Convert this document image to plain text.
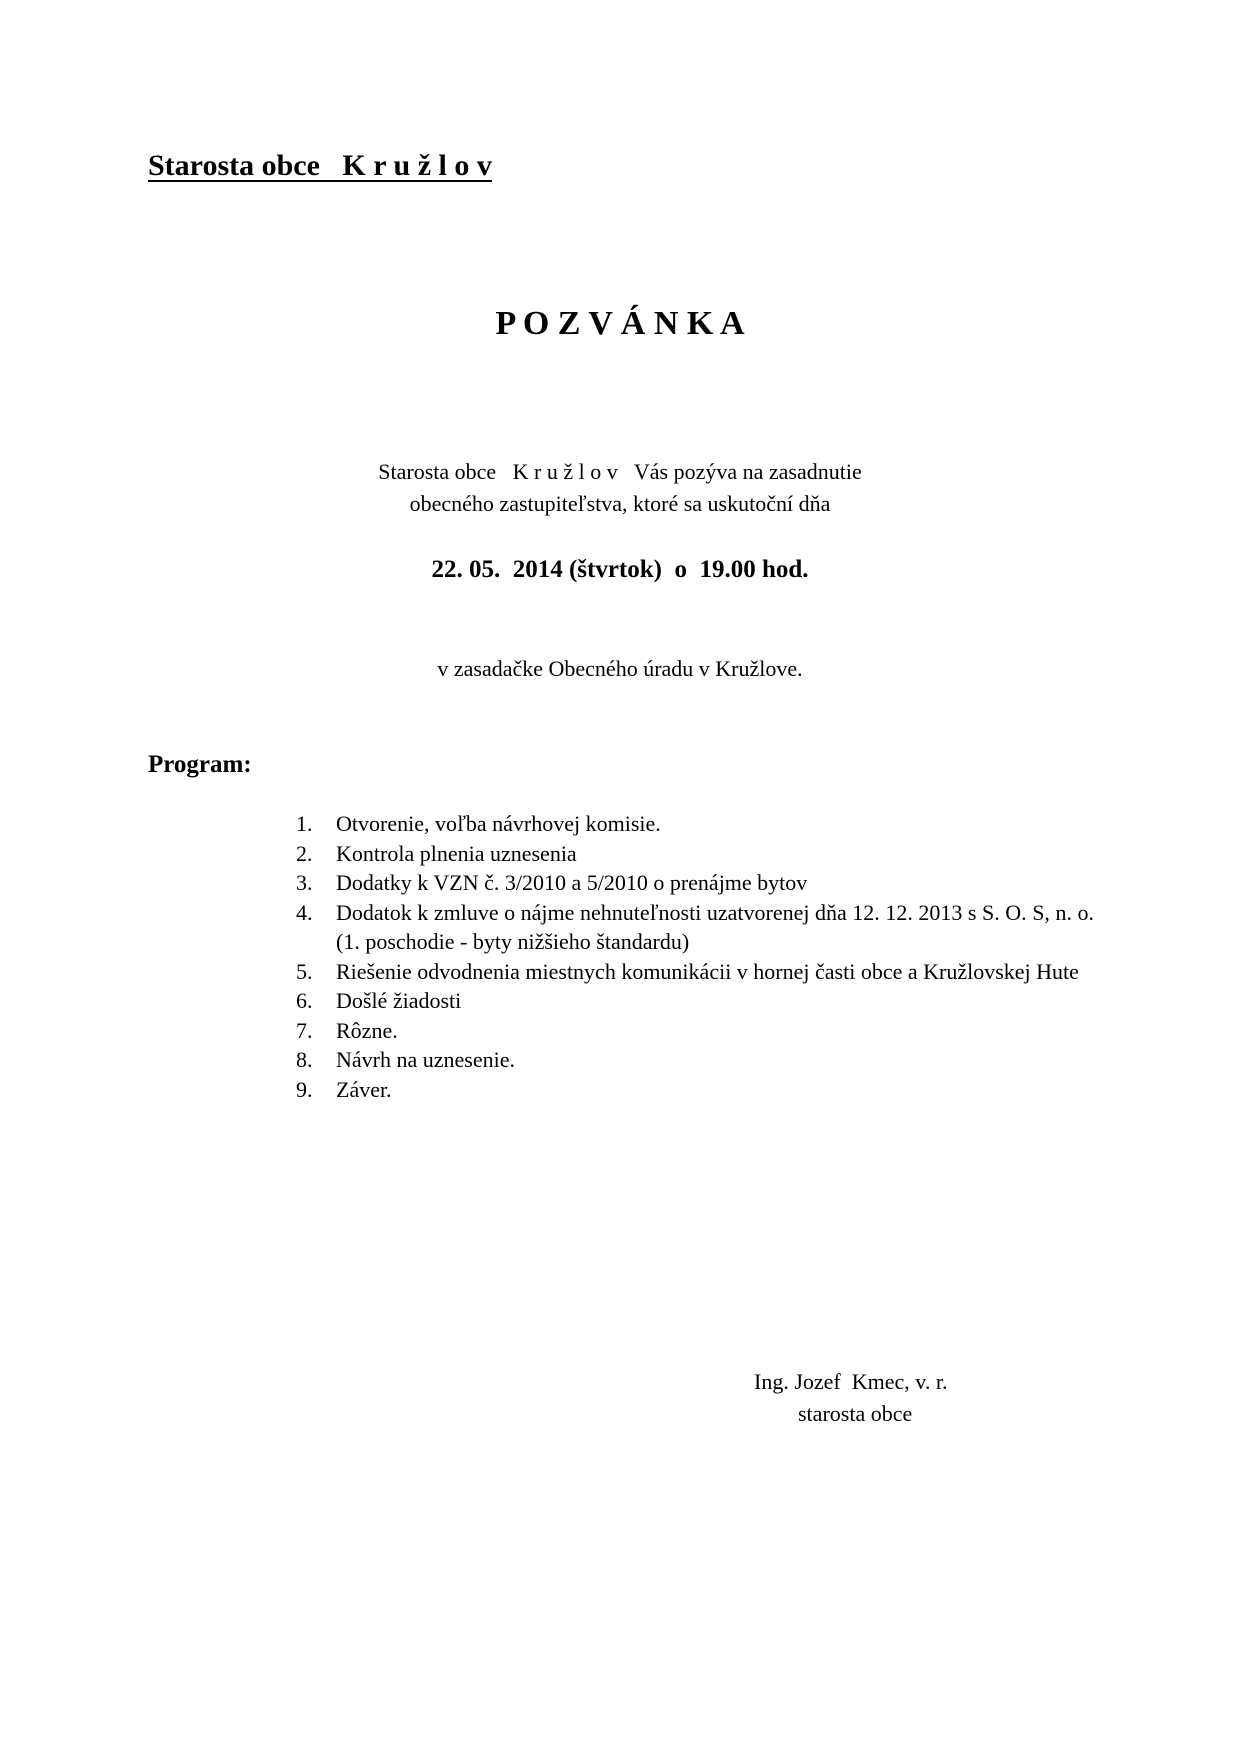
Starosta obce   K r u ž l o v
P O Z V Á N K A
Starosta obce   K r u ž l o v   Vás pozýva na zasadnutie
obecného zastupiteľstva, ktoré sa uskutoční dňa
22. 05.  2014 (štvrtok)  o  19.00 hod.
v zasadačke Obecného úradu v Kružlove.
Program:
1.	Otvorenie, voľba návrhovej komisie.
2.	Kontrola plnenia uznesenia
3.	Dodatky k VZN č. 3/2010 a 5/2010 o prenájme bytov
4.	Dodatok k zmluve o nájme nehnuteľnosti uzatvorenej dňa 12. 12. 2013 s S. O. S, n. o. (1. poschodie - byty nižšieho štandardu)
5.	Riešenie odvodnenia miestnych komunikácii v hornej časti obce a Kružlovskej Hute
6.	Došlé žiadosti
7.	Rôzne.
8.	Návrh na uznesenie.
9.	Záver.
Ing. Jozef  Kmec, v. r.
starosta obce
